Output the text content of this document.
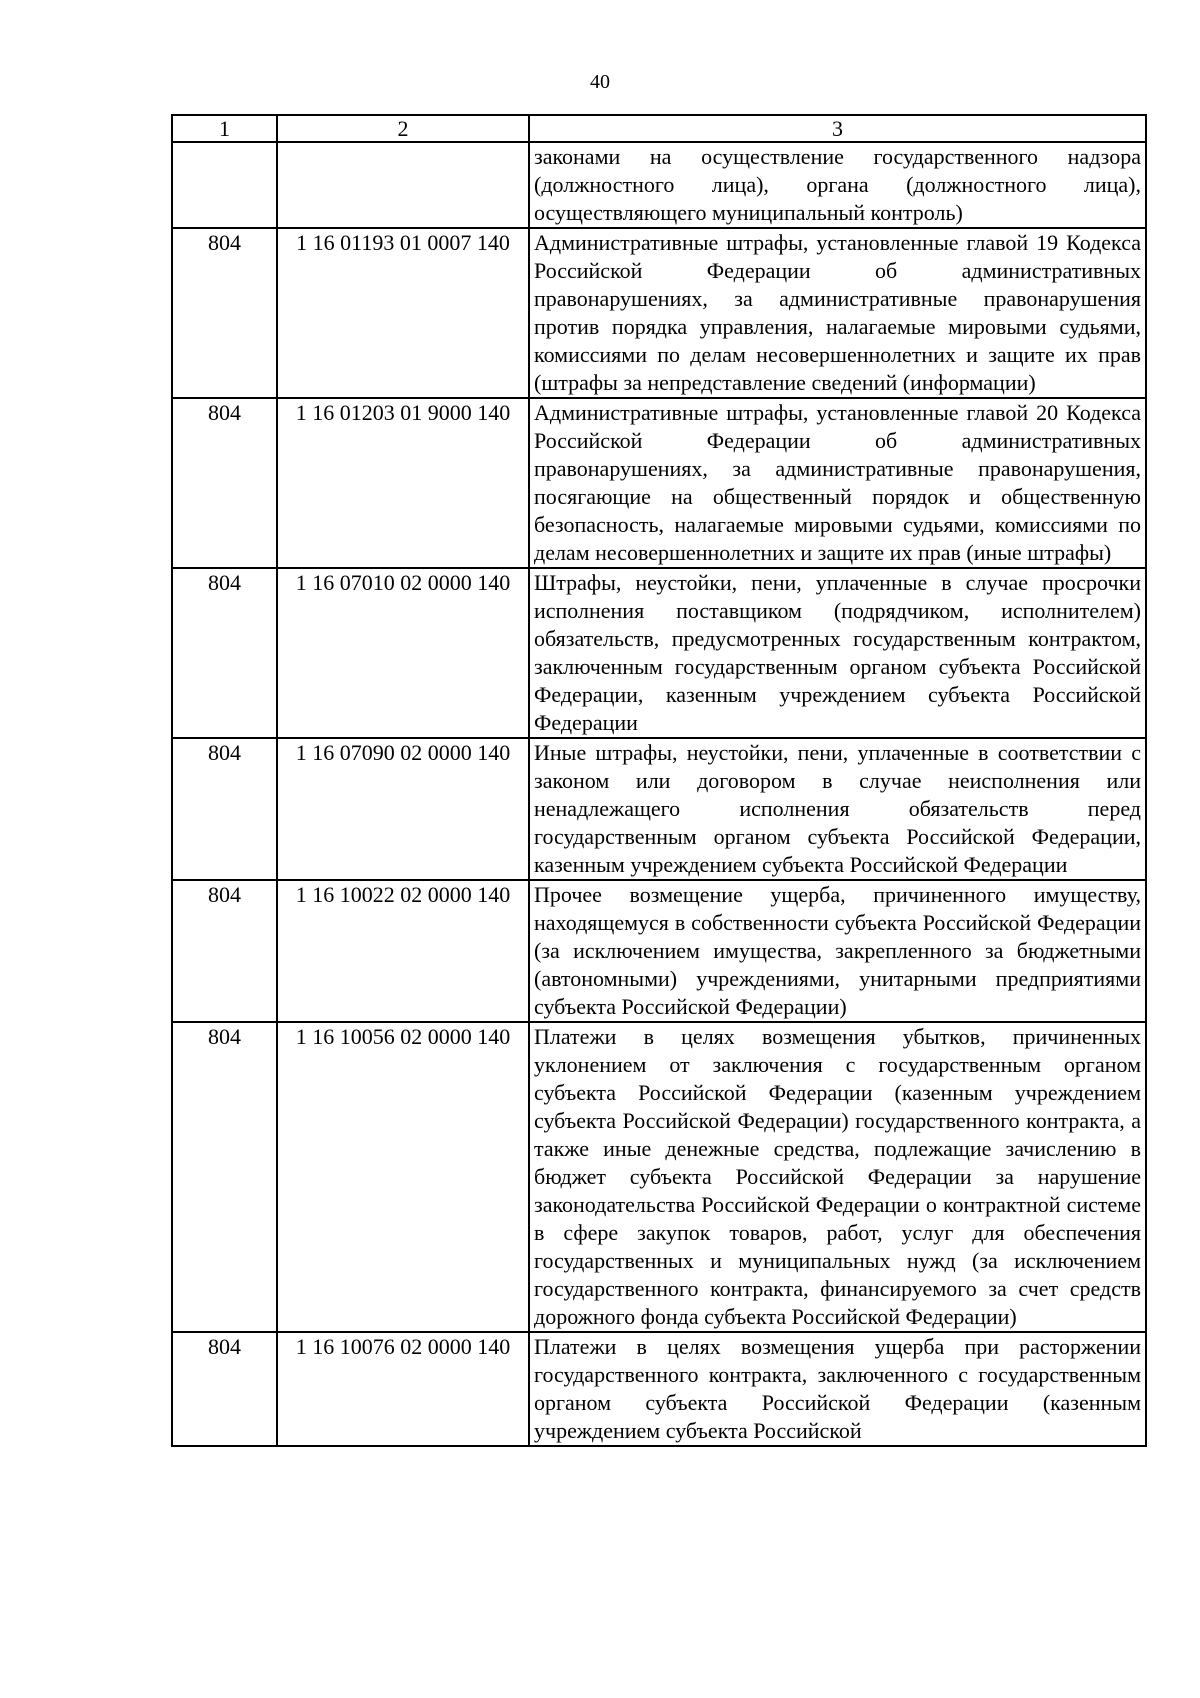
40
1	2	3
		законами на осуществление государственного надзора (должностного лица), органа (должностного лица), осуществляющего муниципальный контроль)
804	1 16 01193 01 0007 140	Административные штрафы, установленные главой 19 Кодекса Российской Федерации об административных правонарушениях, за административные правонарушения против порядка управления, налагаемые мировыми судьями, комиссиями по делам несовершеннолетних и защите их прав (штрафы за непредставление сведений (информации)
804	1 16 01203 01 9000 140	Административные штрафы, установленные главой 20 Кодекса Российской Федерации об административных правонарушениях, за административные правонарушения, посягающие на общественный порядок и общественную безопасность, налагаемые мировыми судьями, комиссиями по делам несовершеннолетних и защите их прав (иные штрафы)
804	1 16 07010 02 0000 140	Штрафы, неустойки, пени, уплаченные в случае просрочки исполнения поставщиком (подрядчиком, исполнителем) обязательств, предусмотренных государственным контрактом, заключенным государственным органом субъекта Российской Федерации, казенным учреждением субъекта Российской Федерации
804	1 16 07090 02 0000 140	Иные штрафы, неустойки, пени, уплаченные в соответствии с законом или договором в случае неисполнения или ненадлежащего исполнения обязательств перед государственным органом субъекта Российской Федерации, казенным учреждением субъекта Российской Федерации
804	1 16 10022 02 0000 140	Прочее возмещение ущерба, причиненного имуществу, находящемуся в собственности субъекта Российской Федерации (за исключением имущества, закрепленного за бюджетными (автономными) учреждениями, унитарными предприятиями субъекта Российской Федерации)
804	1 16 10056 02 0000 140	Платежи в целях возмещения убытков, причиненных уклонением от заключения с государственным органом субъекта Российской Федерации (казенным учреждением субъекта Российской Федерации) государственного контракта, а также иные денежные средства, подлежащие зачислению в бюджет субъекта Российской Федерации за нарушение законодательства Российской Федерации о контрактной системе в сфере закупок товаров, работ, услуг для обеспечения государственных и муниципальных нужд (за исключением государственного контракта, финансируемого за счет средств дорожного фонда субъекта Российской Федерации)
804	1 16 10076 02 0000 140	Платежи в целях возмещения ущерба при расторжении государственного контракта, заключенного с государственным органом субъекта Российской Федерации (казенным учреждением субъекта Российской
